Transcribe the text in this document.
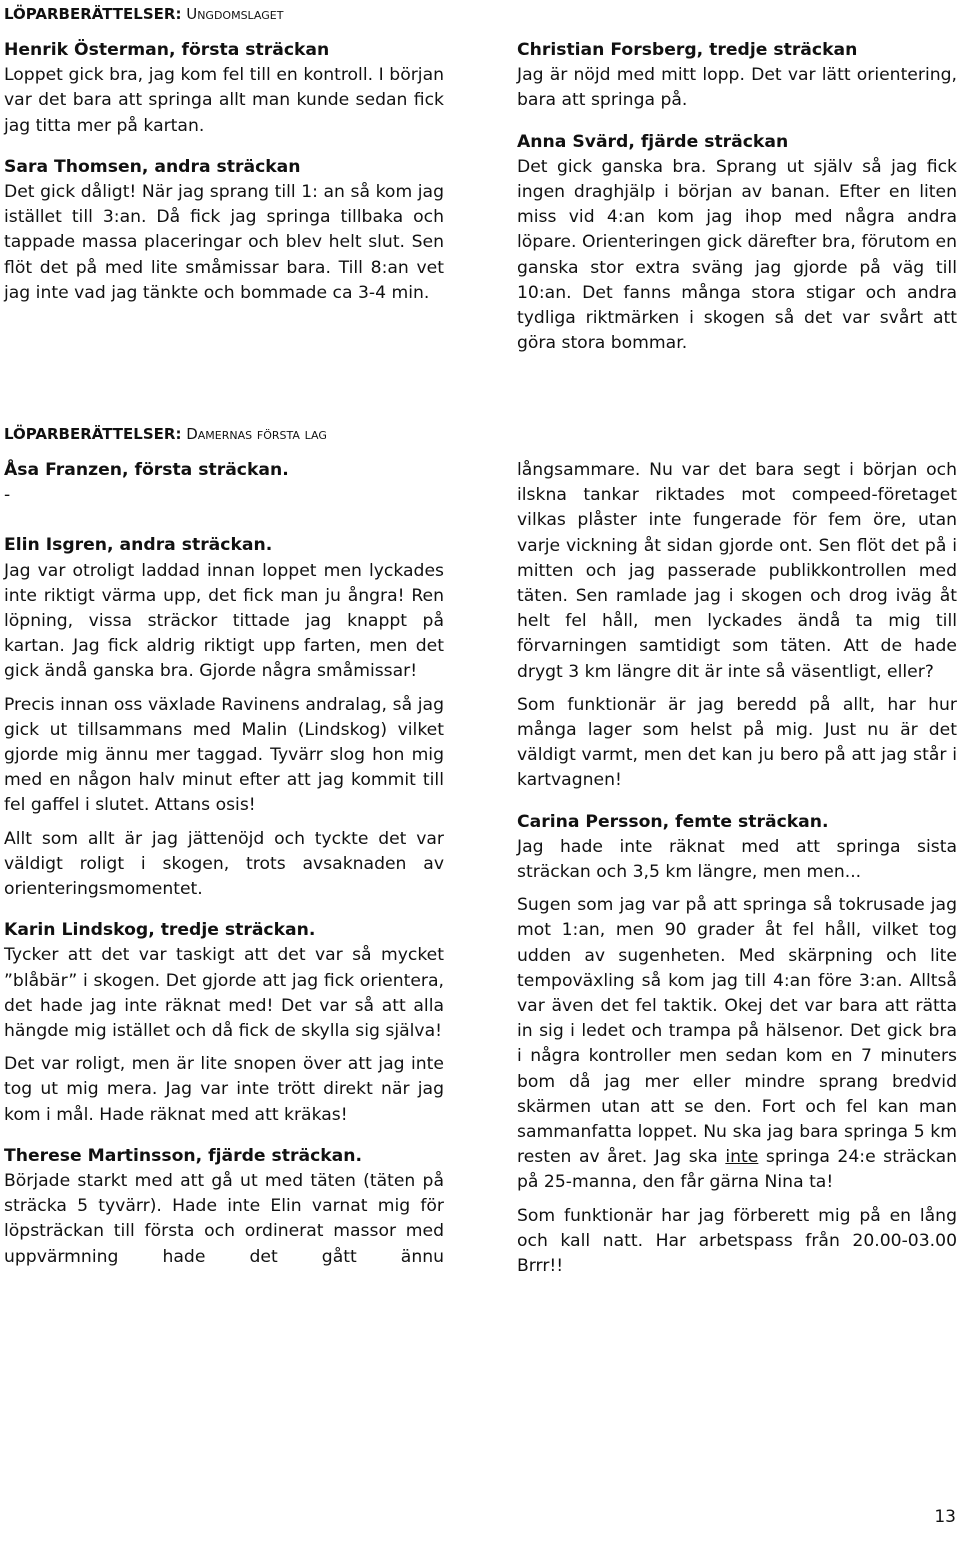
LÖPARBERÄTTELSER: Ungdomslaget

Henrik Österman, första sträckan

Loppet gick bra, jag kom fel till en kontroll. I början var det bara att springa allt man kunde sedan fick jag titta mer på kartan.

Sara Thomsen, andra sträckan

Det gick dåligt! När jag sprang till 1: an så kom jag istället till 3:an. Då fick jag springa tillbaka och tappade massa placeringar och blev helt slut. Sen flöt det på med lite småmissar bara. Till 8:an vet jag inte vad jag tänkte och bommade ca 3-4 min.

Christian Forsberg, tredje sträckan

Jag är nöjd med mitt lopp. Det var lätt orientering, bara att springa på.

Anna Svärd, fjärde sträckan

Det gick ganska bra. Sprang ut själv så jag fick ingen draghjälp i början av banan. Efter en liten miss vid 4:an kom jag ihop med några andra löpare. Orienteringen gick därefter bra, förutom en ganska stor extra sväng jag gjorde på väg till 10:an. Det fanns många stora stigar och andra tydliga riktmärken i skogen så det var svårt att göra stora bommar.

LÖPARBERÄTTELSER: Damernas första lag

Åsa Franzen, första sträckan.

-

Elin Isgren, andra sträckan.

Jag var otroligt laddad innan loppet men lyckades inte riktigt värma upp, det fick man ju ångra! Ren löpning, vissa sträckor tittade jag knappt på kartan. Jag fick aldrig riktigt upp farten, men det gick ändå ganska bra. Gjorde några småmissar!

Precis innan oss växlade Ravinens andralag, så jag gick ut tillsammans med Malin (Lindskog) vilket gjorde mig ännu mer taggad. Tyvärr slog hon mig med en någon halv minut efter att jag kommit till fel gaffel i slutet. Attans osis!

Allt som allt är jag jättenöjd och tyckte det var väldigt roligt i skogen, trots avsaknaden av orienteringsmomentet.

Karin Lindskog, tredje sträckan.

Tycker att det var taskigt att det var så mycket ”blåbär” i skogen. Det gjorde att jag fick orientera, det hade jag inte räknat med! Det var så att alla hängde mig istället och då fick de skylla sig själva!

Det var roligt, men är lite snopen över att jag inte tog ut mig mera. Jag var inte trött direkt när jag kom i mål. Hade räknat med att kräkas!

Therese Martinsson, fjärde sträckan.

Började starkt med att gå ut med täten (täten på sträcka 5 tyvärr). Hade inte Elin varnat mig för löpsträckan till första och ordinerat massor med uppvärmning hade det gått ännu

långsammare. Nu var det bara segt i början och ilskna tankar riktades mot compeed-företaget vilkas plåster inte fungerade för fem öre, utan varje vickning åt sidan gjorde ont. Sen flöt det på i mitten och jag passerade publikkontrollen med täten. Sen ramlade jag i skogen och drog iväg åt helt fel håll, men lyckades ändå ta mig till förvarningen samtidigt som täten. Att de hade drygt 3 km längre dit är inte så väsentligt, eller?

Som funktionär är jag beredd på allt, har hur många lager som helst på mig. Just nu är det väldigt varmt, men det kan ju bero på att jag står i kartvagnen!

Carina Persson, femte sträckan.

Jag hade inte räknat med att springa sista sträckan och 3,5 km längre, men men...

Sugen som jag var på att springa så tokrusade jag mot 1:an, men 90 grader åt fel håll, vilket tog udden av sugenheten. Med skärpning och lite tempoväxling så kom jag till 4:an före 3:an. Alltså var även det fel taktik. Okej det var bara att rätta in sig i ledet och trampa på hälsenor. Det gick bra i några kontroller men sedan kom en 7 minuters bom då jag mer eller mindre sprang bredvid skärmen utan att se den. Fort och fel kan man sammanfatta loppet. Nu ska jag bara springa 5 km resten av året. Jag ska inte springa 24:e sträckan på 25-manna, den får gärna Nina ta!

Som funktionär har jag förberett mig på en lång och kall natt. Har arbetspass från 20.00-03.00 Brrr!!

13
